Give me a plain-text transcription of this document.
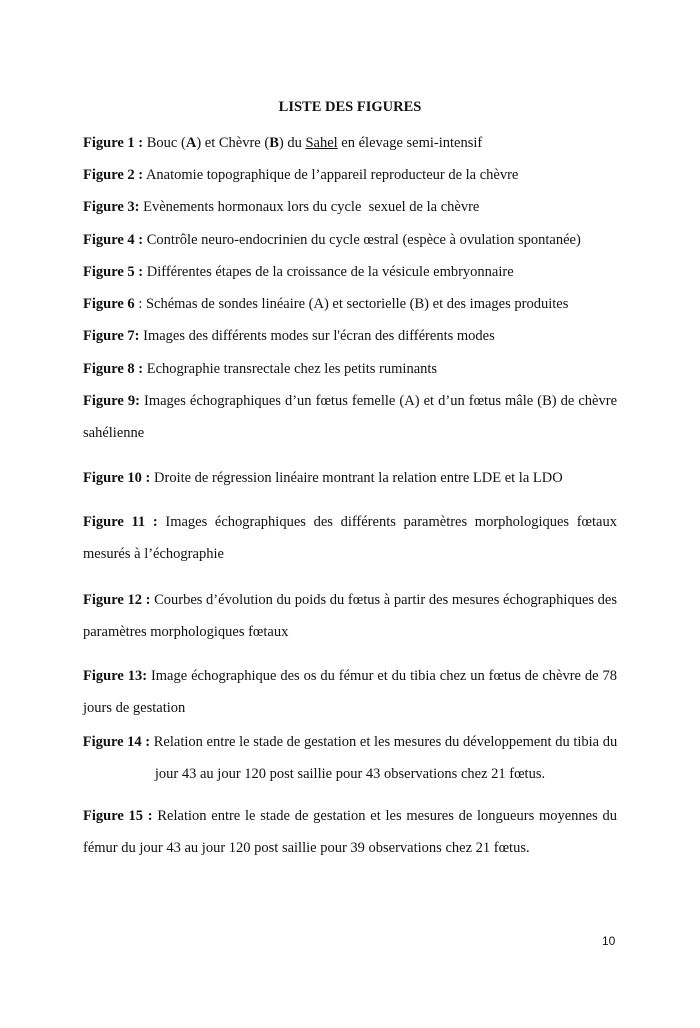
LISTE DES FIGURES
Figure 1 : Bouc (A) et Chèvre (B) du Sahel en élevage semi-intensif
Figure 2 : Anatomie topographique de l’appareil reproducteur de la chèvre
Figure 3: Evènements hormonaux lors du cycle  sexuel de la chèvre
Figure 4 : Contrôle neuro-endocrinien du cycle œstral (espèce à ovulation spontanée)
Figure 5 : Différentes étapes de la croissance de la vésicule embryonnaire
Figure 6 : Schémas de sondes linéaire (A) et sectorielle (B) et des images produites
Figure 7: Images des différents modes sur l'écran des différents modes
Figure 8 : Echographie transrectale chez les petits ruminants
Figure 9: Images échographiques d’un fœtus femelle (A) et d’un fœtus mâle (B) de chèvre sahélienne
Figure 10 : Droite de régression linéaire montrant la relation entre LDE et la LDO
Figure 11 : Images échographiques des différents paramètres morphologiques fœtaux mesurés à l’échographie
Figure 12 : Courbes d’évolution du poids du fœtus à partir des mesures échographiques des paramètres morphologiques fœtaux
Figure 13: Image échographique des os du fémur et du tibia chez un fœtus de chèvre de 78 jours de gestation
Figure 14 : Relation entre le stade de gestation et les mesures du développement du tibia du
jour 43 au jour 120 post saillie pour 43 observations chez 21 fœtus.
Figure 15 : Relation entre le stade de gestation et les mesures de longueurs moyennes du fémur du jour 43 au jour 120 post saillie pour 39 observations chez 21 fœtus.
10
